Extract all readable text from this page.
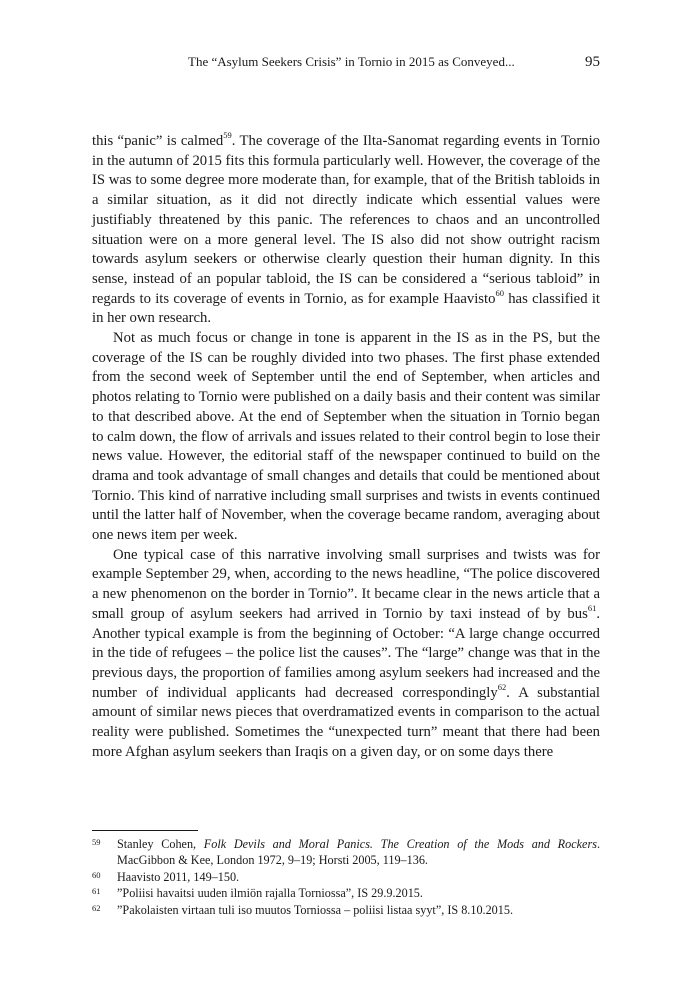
The “Asylum Seekers Crisis” in Tornio in 2015 as Conveyed...	95

this “panic” is calmed$^{59}$. The coverage of the Ilta-Sanomat regarding events in Tornio in the autumn of 2015 fits this formula particularly well. However, the coverage of the IS was to some degree more moderate than, for example, that of the British tabloids in a similar situation, as it did not directly indicate which essential values were justifiably threatened by this panic. The references to chaos and an uncontrolled situation were on a more general level. The IS also did not show outright racism towards asylum seekers or otherwise clearly question their human dignity. In this sense, instead of an popular tabloid, the IS can be considered a “serious tabloid” in regards to its coverage of events in Tornio, as for example Haavisto$^{60}$ has classified it in her own research.

Not as much focus or change in tone is apparent in the IS as in the PS, but the coverage of the IS can be roughly divided into two phases. The first phase extended from the second week of September until the end of September, when articles and photos relating to Tornio were published on a daily basis and their content was similar to that described above. At the end of September when the situation in Tornio began to calm down, the flow of arrivals and issues related to their control begin to lose their news value. However, the editorial staff of the newspaper continued to build on the drama and took advantage of small changes and details that could be mentioned about Tornio. This kind of narrative including small surprises and twists in events continued until the latter half of November, when the coverage became random, averaging about one news item per week.

One typical case of this narrative involving small surprises and twists was for example September 29, when, according to the news headline, “The police discovered a new phenomenon on the border in Tornio”. It became clear in the news article that a small group of asylum seekers had arrived in Tornio by taxi instead of by bus$^{61}$. Another typical example is from the beginning of October: “A large change occurred in the tide of refugees – the police list the causes”. The “large” change was that in the previous days, the proportion of families among asylum seekers had increased and the number of individual applicants had decreased correspondingly$^{62}$. A substantial amount of similar news pieces that overdramatized events in comparison to the actual reality were published. Sometimes the “unexpected turn” meant that there had been more Afghan asylum seekers than Iraqis on a given day, or on some days there

59 Stanley Cohen, Folk Devils and Moral Panics. The Creation of the Mods and Rockers. MacGibbon & Kee, London 1972, 9–19; Horsti 2005, 119–136.
60 Haavisto 2011, 149–150.
61 ”Poliisi havaitsi uuden ilmiön rajalla Torniossa”, IS 29.9.2015.
62 ”Pakolaisten virtaan tuli iso muutos Torniossa – poliisi listaa syyt”, IS 8.10.2015.
